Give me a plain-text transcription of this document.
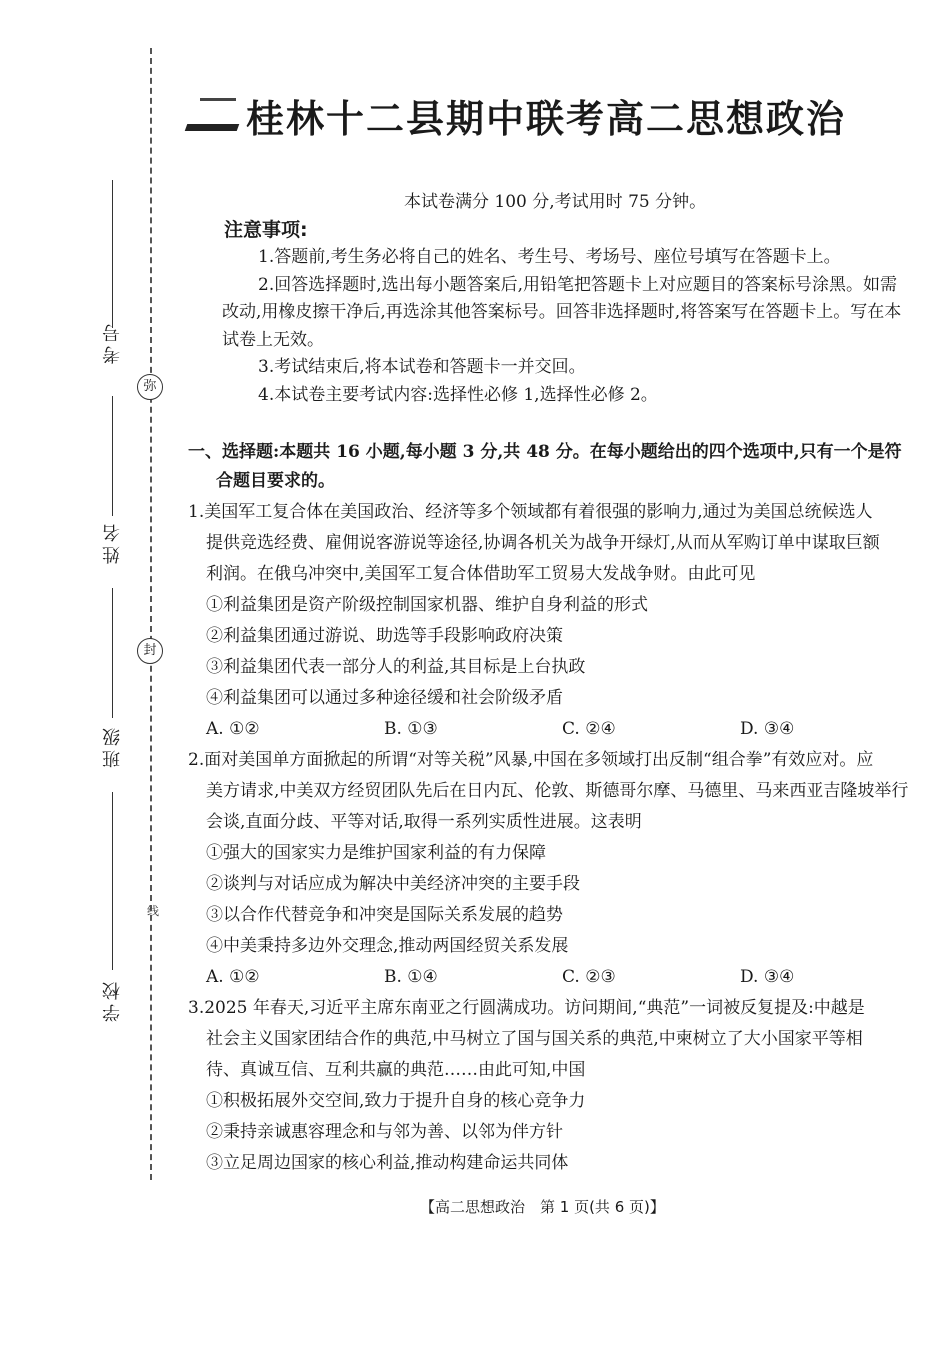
弥
封
线
考号
姓名
班级
学校
桂林十二县期中联考高二思想政治
本试卷满分 100 分,考试用时 75 分钟。
注意事项:

1.答题前,考生务必将自己的姓名、考生号、考场号、座位号填写在答题卡上。

2.回答选择题时,选出每小题答案后,用铅笔把答题卡上对应题目的答案标号涂黑。如需改动,用橡皮擦干净后,再选涂其他答案标号。回答非选择题时,将答案写在答题卡上。写在本试卷上无效。

3.考试结束后,将本试卷和答题卡一并交回。

4.本试卷主要考试内容:选择性必修 1,选择性必修 2。

一、选择题:本题共 16 小题,每小题 3 分,共 48 分。在每小题给出的四个选项中,只有一个是符
合题目要求的。

1.美国军工复合体在美国政治、经济等多个领域都有着很强的影响力,通过为美国总统候选人
提供竞选经费、雇佣说客游说等途径,协调各机关为战争开绿灯,从而从军购订单中谋取巨额
利润。在俄乌冲突中,美国军工复合体借助军工贸易大发战争财。由此可见

①利益集团是资产阶级控制国家机器、维护自身利益的形式

②利益集团通过游说、助选等手段影响政府决策

③利益集团代表一部分人的利益,其目标是上台执政

④利益集团可以通过多种途径缓和社会阶级矛盾

A. ①②	B. ①③	C. ②④	D. ③④

2.面对美国单方面掀起的所谓“对等关税”风暴,中国在多领域打出反制“组合拳”有效应对。应
美方请求,中美双方经贸团队先后在日内瓦、伦敦、斯德哥尔摩、马德里、马来西亚吉隆坡举行
会谈,直面分歧、平等对话,取得一系列实质性进展。这表明

①强大的国家实力是维护国家利益的有力保障

②谈判与对话应成为解决中美经济冲突的主要手段

③以合作代替竞争和冲突是国际关系发展的趋势

④中美秉持多边外交理念,推动两国经贸关系发展

A. ①②	B. ①④	C. ②③	D. ③④

3.2025 年春天,习近平主席东南亚之行圆满成功。访问期间,“典范”一词被反复提及:中越是
社会主义国家团结合作的典范,中马树立了国与国关系的典范,中柬树立了大小国家平等相
待、真诚互信、互利共赢的典范……由此可知,中国

①积极拓展外交空间,致力于提升自身的核心竞争力

②秉持亲诚惠容理念和与邻为善、以邻为伴方针

③立足周边国家的核心利益,推动构建命运共同体

【高二思想政治　第 1 页(共 6 页)】
